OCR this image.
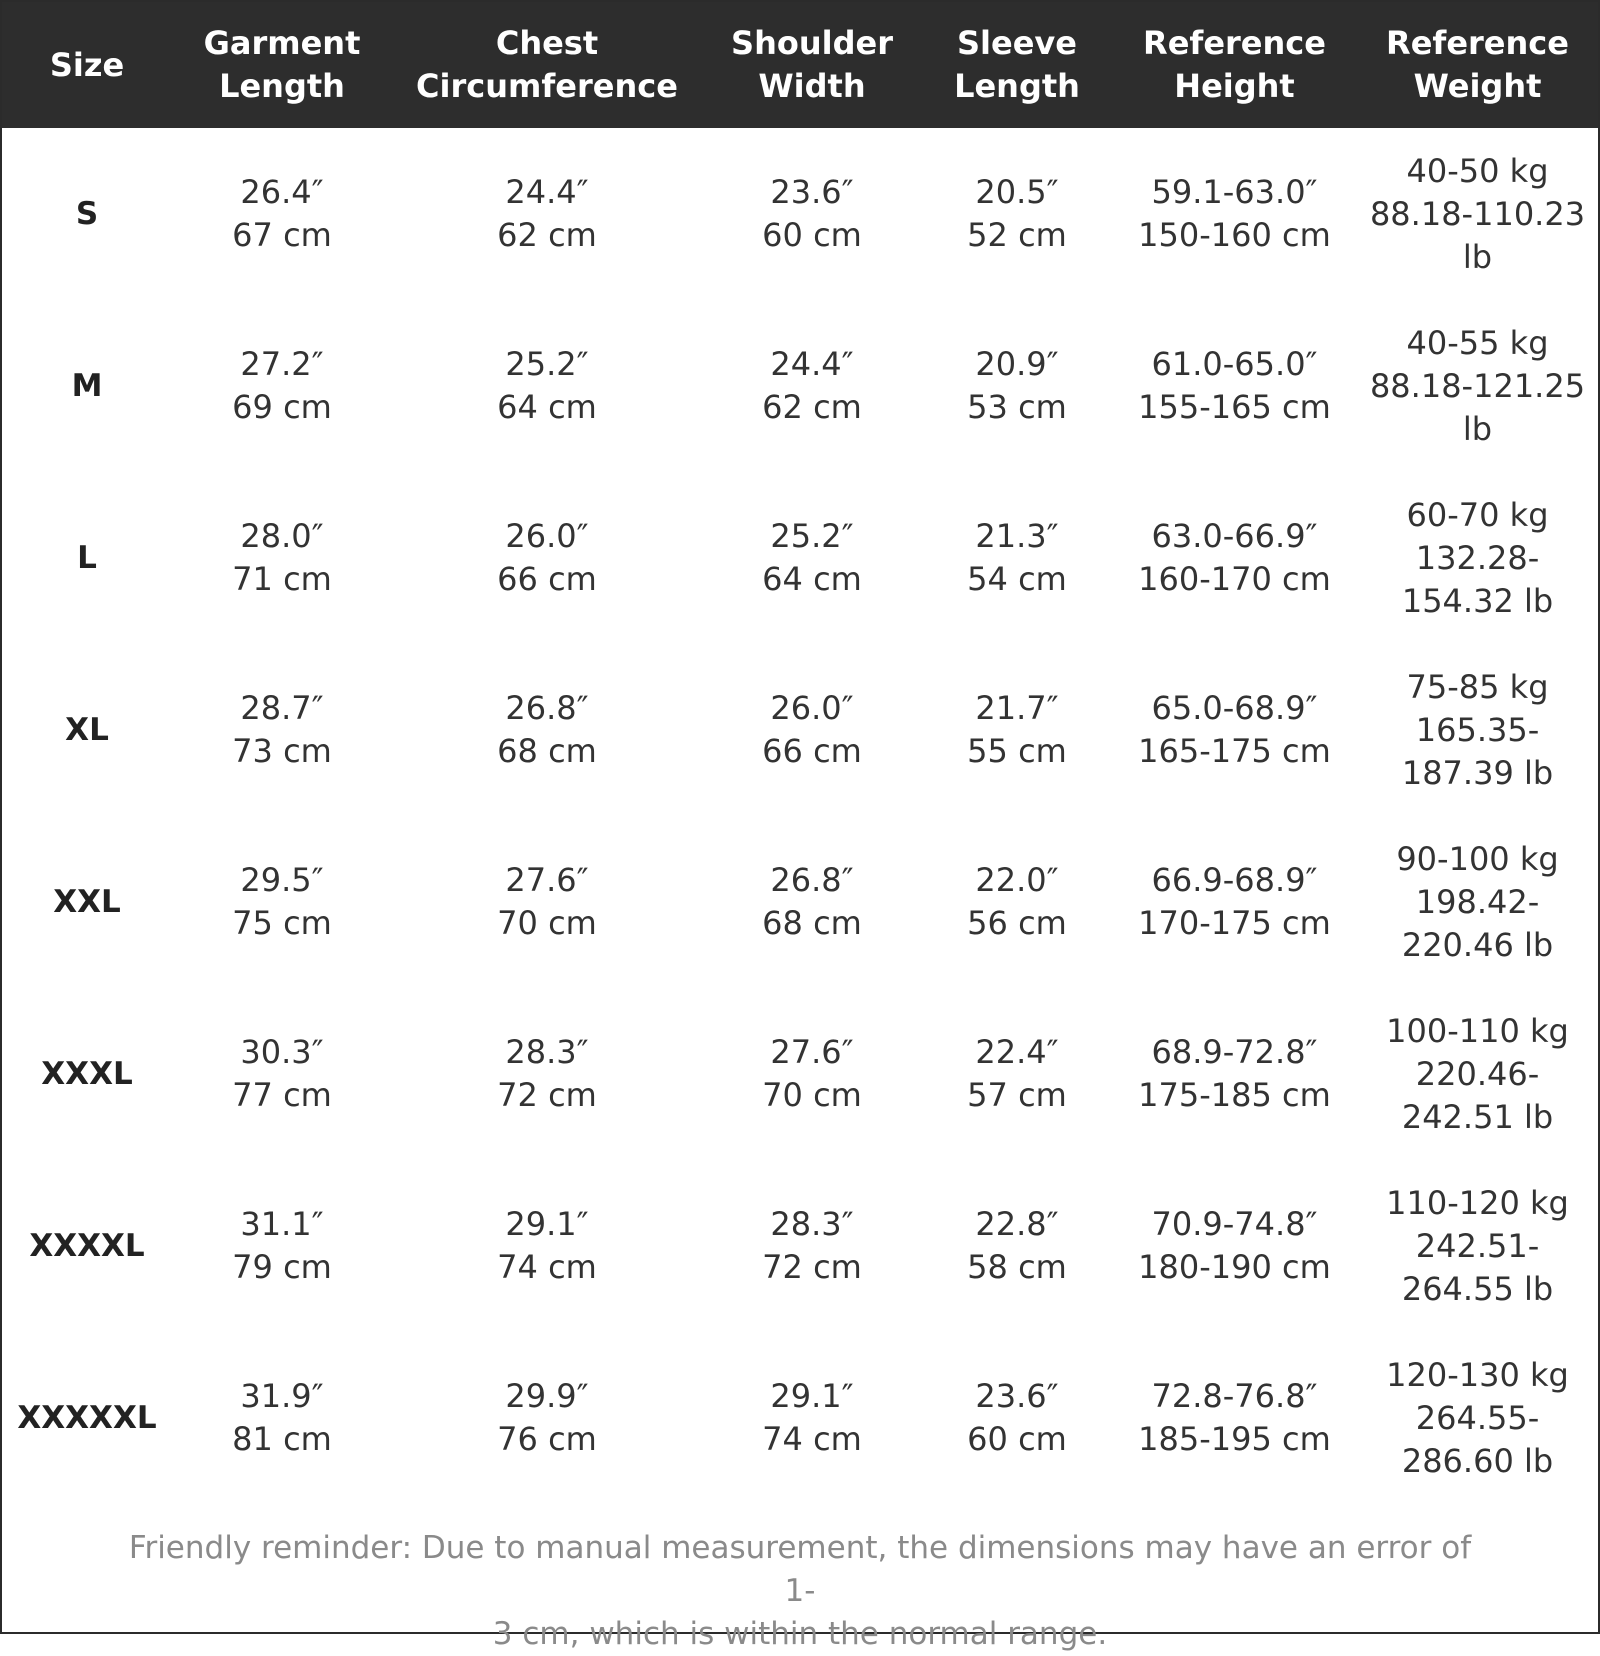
Size
Garment
Length
Chest
Circumference
Shoulder
Width
Sleeve
Length
Reference
Height
Reference
Weight
S
26.4″
67 cm
24.4″
62 cm
23.6″
60 cm
20.5″
52 cm
59.1-63.0″
150-160 cm
40-50 kg
88.18-110.23
lb
M
27.2″
69 cm
25.2″
64 cm
24.4″
62 cm
20.9″
53 cm
61.0-65.0″
155-165 cm
40-55 kg
88.18-121.25
lb
L
28.0″
71 cm
26.0″
66 cm
25.2″
64 cm
21.3″
54 cm
63.0-66.9″
160-170 cm
60-70 kg
132.28-
154.32 lb
XL
28.7″
73 cm
26.8″
68 cm
26.0″
66 cm
21.7″
55 cm
65.0-68.9″
165-175 cm
75-85 kg
165.35-
187.39 lb
XXL
29.5″
75 cm
27.6″
70 cm
26.8″
68 cm
22.0″
56 cm
66.9-68.9″
170-175 cm
90-100 kg
198.42-
220.46 lb
XXXL
30.3″
77 cm
28.3″
72 cm
27.6″
70 cm
22.4″
57 cm
68.9-72.8″
175-185 cm
100-110 kg
220.46-
242.51 lb
XXXXL
31.1″
79 cm
29.1″
74 cm
28.3″
72 cm
22.8″
58 cm
70.9-74.8″
180-190 cm
110-120 kg
242.51-
264.55 lb
XXXXXL
31.9″
81 cm
29.9″
76 cm
29.1″
74 cm
23.6″
60 cm
72.8-76.8″
185-195 cm
120-130 kg
264.55-
286.60 lb
Friendly reminder: Due to manual measurement, the dimensions may have an error of 1-
3 cm, which is within the normal range.
